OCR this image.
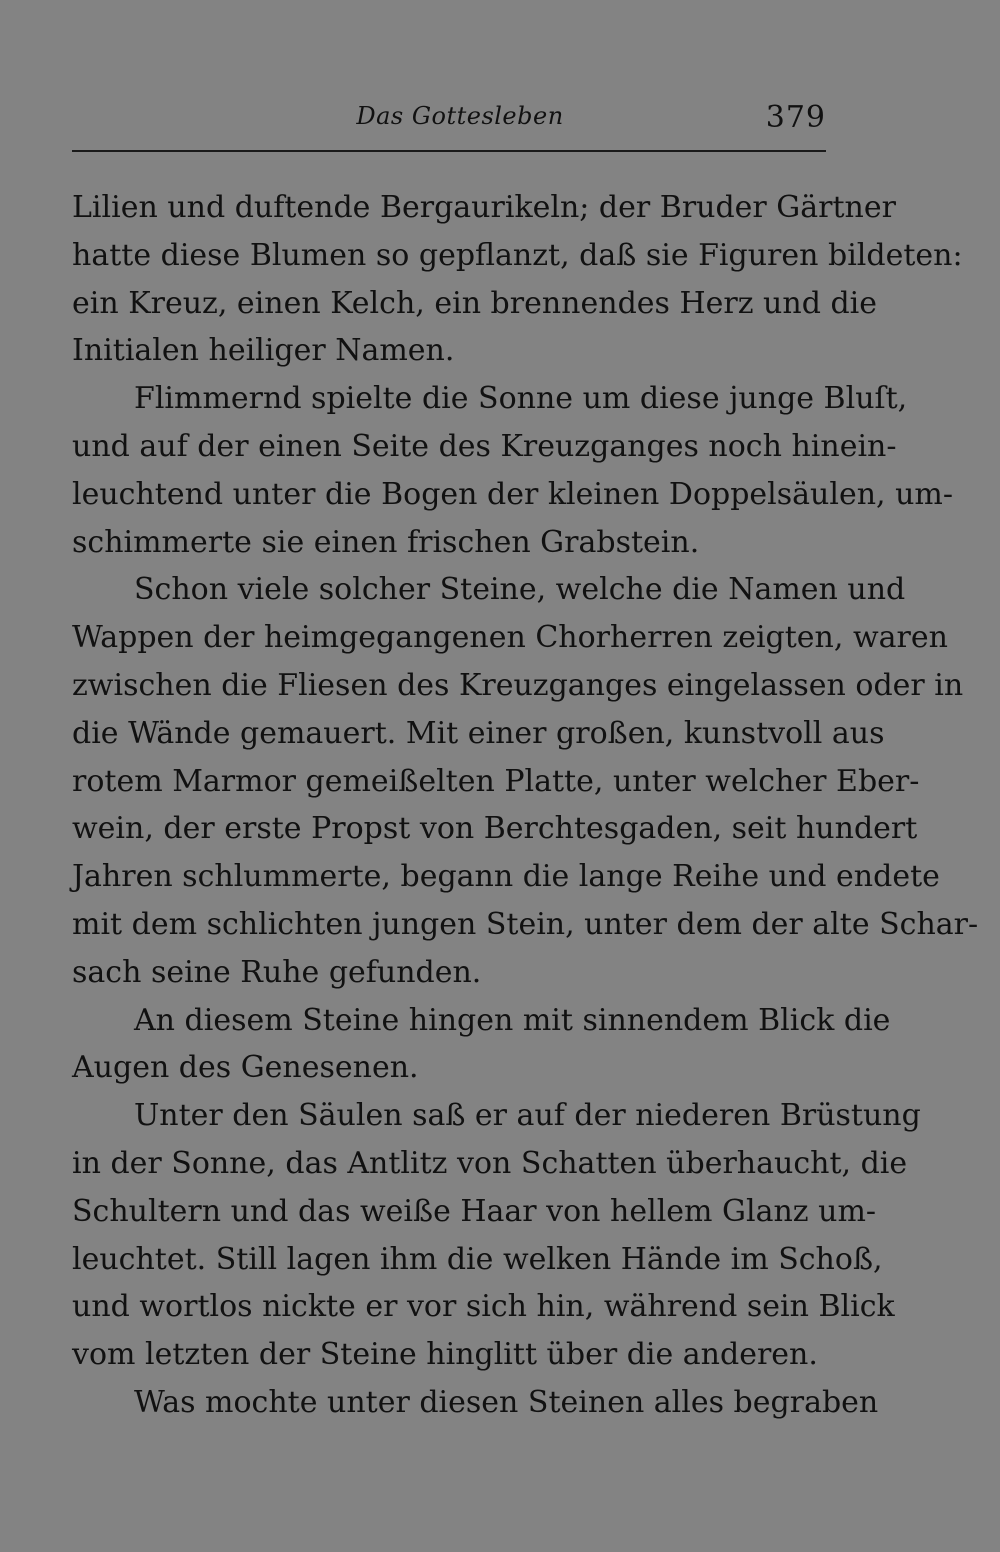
Das Gottesleben	379
Lilien und duftende Bergaurikeln; der Bruder Gärtner
hatte diese Blumen so gepflanzt, daß sie Figuren bildeten:
ein Kreuz, einen Kelch, ein brennendes Herz und die
Initialen heiliger Namen.
Flimmernd spielte die Sonne um diese junge Bluſt,
und auf der einen Seite des Kreuzganges noch hinein-
leuchtend unter die Bogen der kleinen Doppelsäulen, um-
schimmerte sie einen frischen Grabstein.
Schon viele solcher Steine, welche die Namen und
Wappen der heimgegangenen Chorherren zeigten, waren
zwischen die Fliesen des Kreuzganges eingelassen oder in
die Wände gemauert. Mit einer großen, kunstvoll aus
rotem Marmor gemeißelten Platte, unter welcher Eber-
wein, der erste Propst von Berchtesgaden, seit hundert
Jahren schlummerte, begann die lange Reihe und endete
mit dem schlichten jungen Stein, unter dem der alte Schar-
sach seine Ruhe gefunden.
An diesem Steine hingen mit sinnendem Blick die
Augen des Genesenen.
Unter den Säulen saß er auf der niederen Brüstung
in der Sonne, das Antlitz von Schatten überhaucht, die
Schultern und das weiße Haar von hellem Glanz um-
leuchtet. Still lagen ihm die welken Hände im Schoß,
und wortlos nickte er vor sich hin, während sein Blick
vom letzten der Steine hinglitt über die anderen.
Was mochte unter diesen Steinen alles begraben
